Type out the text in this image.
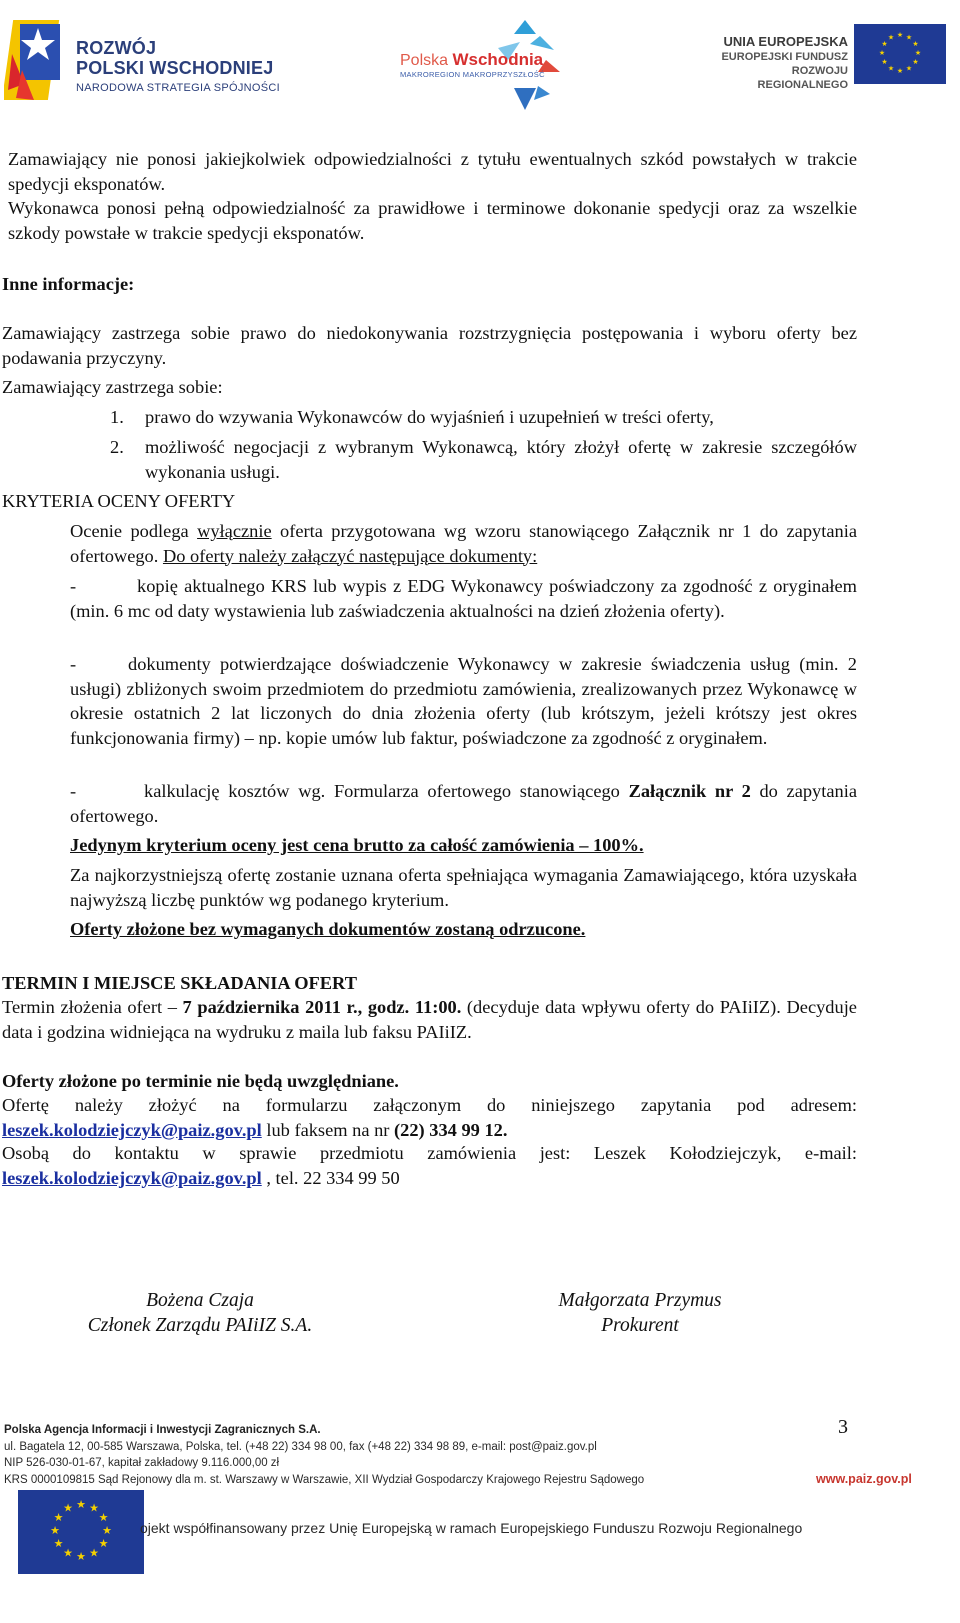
ROZWÓJ
POLSKI WSCHODNIEJ
NARODOWA STRATEGIA SPÓJNOŚCI
Polska Wschodnia
MAKROREGION MAKROPRZYSZŁOŚĆ
UNIA EUROPEJSKA
EUROPEJSKI FUNDUSZ
ROZWOJU REGIONALNEGO
★ ★
★
★
★
★
★
★
★
★
★
★
Zamawiający nie ponosi jakiejkolwiek odpowiedzialności z tytułu ewentualnych szkód powstałych w trakcie spedycji eksponatów.
Wykonawca ponosi pełną odpowiedzialność za prawidłowe i terminowe dokonanie spedycji oraz za wszelkie szkody powstałe w trakcie spedycji eksponatów.
Inne informacje:
Zamawiający zastrzega sobie prawo do niedokonywania rozstrzygnięcia postępowania i wyboru oferty bez podawania przyczyny.
Zamawiający zastrzega sobie:
1. prawo do wzywania Wykonawców do wyjaśnień i uzupełnień w treści oferty,
2. możliwość negocjacji z wybranym Wykonawcą, który złożył ofertę w zakresie szczegółów wykonania usługi.
KRYTERIA OCENY OFERTY
Ocenie podlega wyłącznie oferta przygotowana wg wzoru stanowiącego Załącznik nr 1 do zapytania ofertowego. Do oferty należy załączyć następujące dokumenty:
-	kopię aktualnego KRS lub wypis z EDG Wykonawcy poświadczony za zgodność z oryginałem (min. 6 mc od daty wystawienia lub zaświadczenia aktualności na dzień złożenia oferty).
-	dokumenty potwierdzające doświadczenie Wykonawcy w zakresie świadczenia usług (min. 2 usługi) zbliżonych swoim przedmiotem do przedmiotu zamówienia, zrealizowanych przez Wykonawcę w okresie ostatnich 2 lat liczonych do dnia złożenia oferty (lub krótszym, jeżeli krótszy jest okres funkcjonowania firmy) – np. kopie umów lub faktur, poświadczone za zgodność z oryginałem.
-	kalkulację kosztów wg. Formularza ofertowego stanowiącego Załącznik nr 2 do zapytania ofertowego.
Jedynym kryterium oceny jest cena brutto za całość zamówienia – 100%.
Za najkorzystniejszą ofertę zostanie uznana oferta spełniająca wymagania Zamawiającego, która uzyskała najwyższą liczbę punktów wg podanego kryterium.
Oferty złożone bez wymaganych dokumentów zostaną odrzucone.
TERMIN I MIEJSCE SKŁADANIA OFERT
Termin złożenia ofert – 7 października 2011 r., godz. 11:00. (decyduje data wpływu oferty do PAIiIZ). Decyduje data i godzina widniejąca na wydruku z maila lub faksu PAIiIZ.
Oferty złożone po terminie nie będą uwzględniane.
Ofertę należy złożyć na formularzu załączonym do niniejszego zapytania pod adresem: leszek.kolodziejczyk@paiz.gov.pl lub faksem na nr (22) 334 99 12.
Osobą do kontaktu w sprawie przedmiotu zamówienia jest: Leszek Kołodziejczyk, e-mail: leszek.kolodziejczyk@paiz.gov.pl , tel. 22 334 99 50
Bożena Czaja
Członek Zarządu PAIiIZ S.A.
Małgorzata Przymus
Prokurent
3
Polska Agencja Informacji i Inwestycji Zagranicznych S.A.
ul. Bagatela 12, 00-585 Warszawa, Polska, tel. (+48 22) 334 98 00, fax (+48 22) 334 98 89, e-mail: post@paiz.gov.pl
NIP 526-030-01-67, kapitał zakładowy 9.116.000,00 zł
KRS 0000109815 Sąd Rejonowy dla m. st. Warszawy w Warszawie, XII Wydział Gospodarczy Krajowego Rejestru Sądowego	www.paiz.gov.pl
★ ★
★
★
★
★
★
★
★
★
★
★
ojekt współfinansowany przez Unię Europejską w ramach Europejskiego Funduszu Rozwoju Regionalnego
